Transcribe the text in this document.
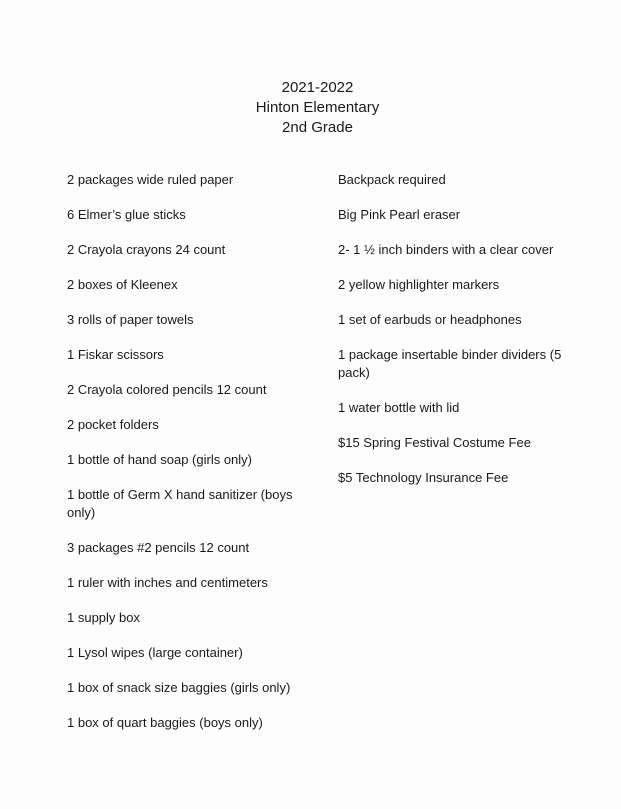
2021-2022
Hinton Elementary
2nd Grade

2 packages wide ruled paper

6 Elmer’s glue sticks

2 Crayola crayons 24 count

2 boxes of Kleenex

3 rolls of paper towels

1 Fiskar scissors

2 Crayola colored pencils 12 count

2 pocket folders

1 bottle of hand soap (girls only)

1 bottle of Germ X hand sanitizer (boys only)

3 packages #2 pencils 12 count

1 ruler with inches and centimeters

1 supply box

1 Lysol wipes (large container)

1 box of snack size baggies (girls only)

1 box of quart baggies (boys only)

Backpack required

Big Pink Pearl eraser

2- 1 ½ inch binders with a clear cover

2 yellow highlighter markers

1 set of earbuds or headphones

1 package insertable binder dividers (5 pack)

1 water bottle with lid

$15 Spring Festival Costume Fee

$5 Technology Insurance Fee
